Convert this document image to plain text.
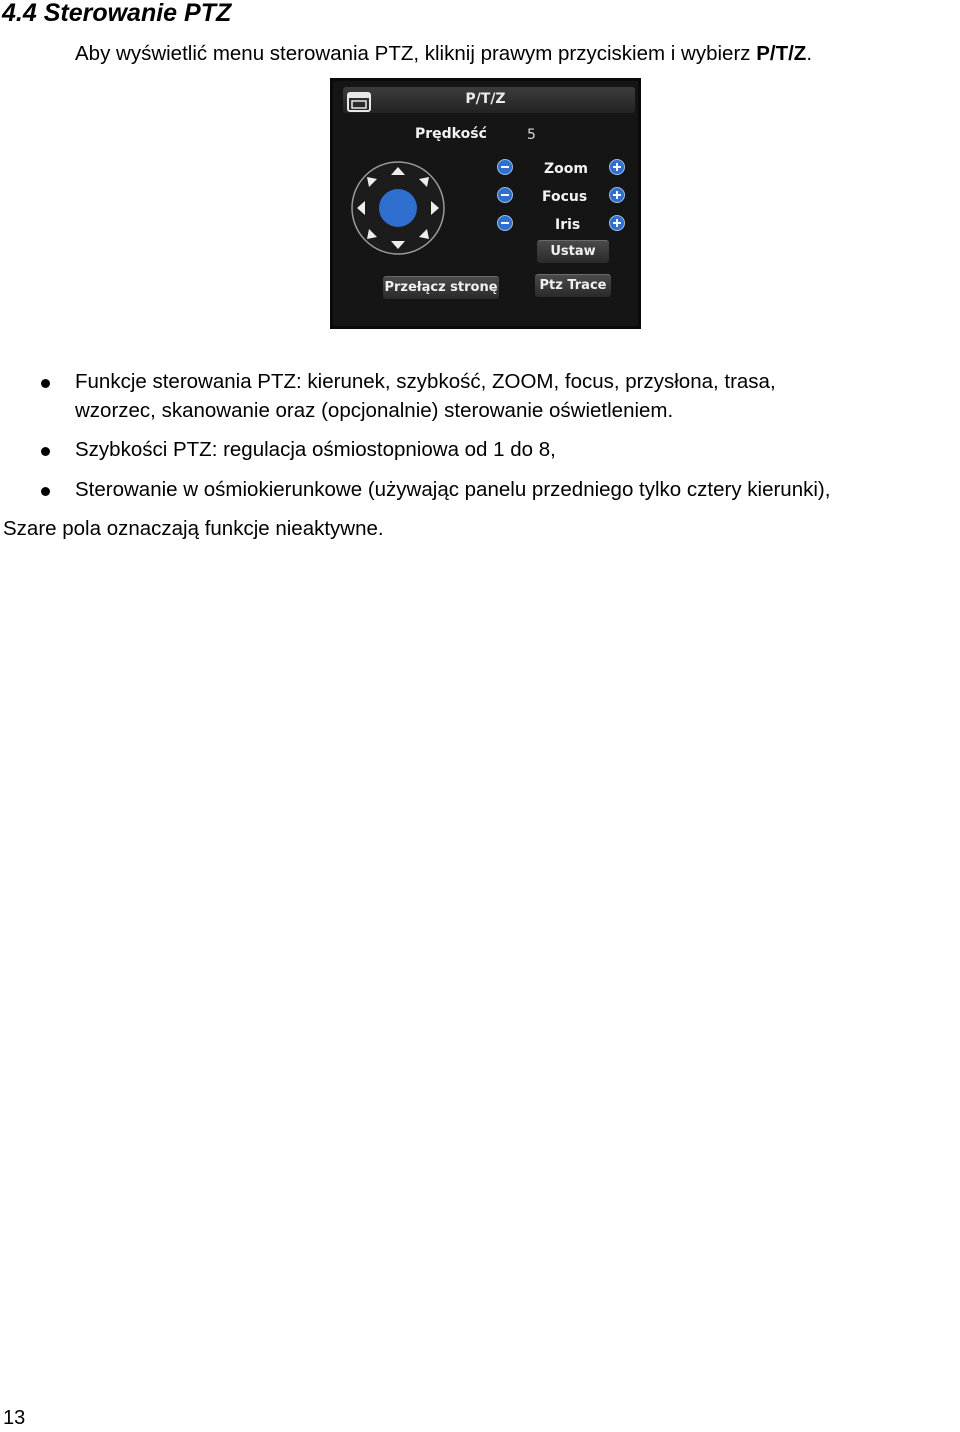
4.4 Sterowanie PTZ

Aby wyświetlić menu sterowania PTZ, kliknij prawym przyciskiem i wybierz P/T/Z.

P/T/Z
Prędkość	5
Zoom
Focus
Iris
Ustaw
Przełącz stronę	Ptz Trace

Funkcje sterowania PTZ: kierunek, szybkość, ZOOM, focus, przysłona, trasa,

wzorzec, skanowanie oraz (opcjonalnie) sterowanie oświetleniem.

Szybkości PTZ: regulacja ośmiostopniowa od 1 do 8,

Sterowanie w ośmiokierunkowe (używając panelu przedniego tylko cztery kierunki),

Szare pola oznaczają funkcje nieaktywne.

13
